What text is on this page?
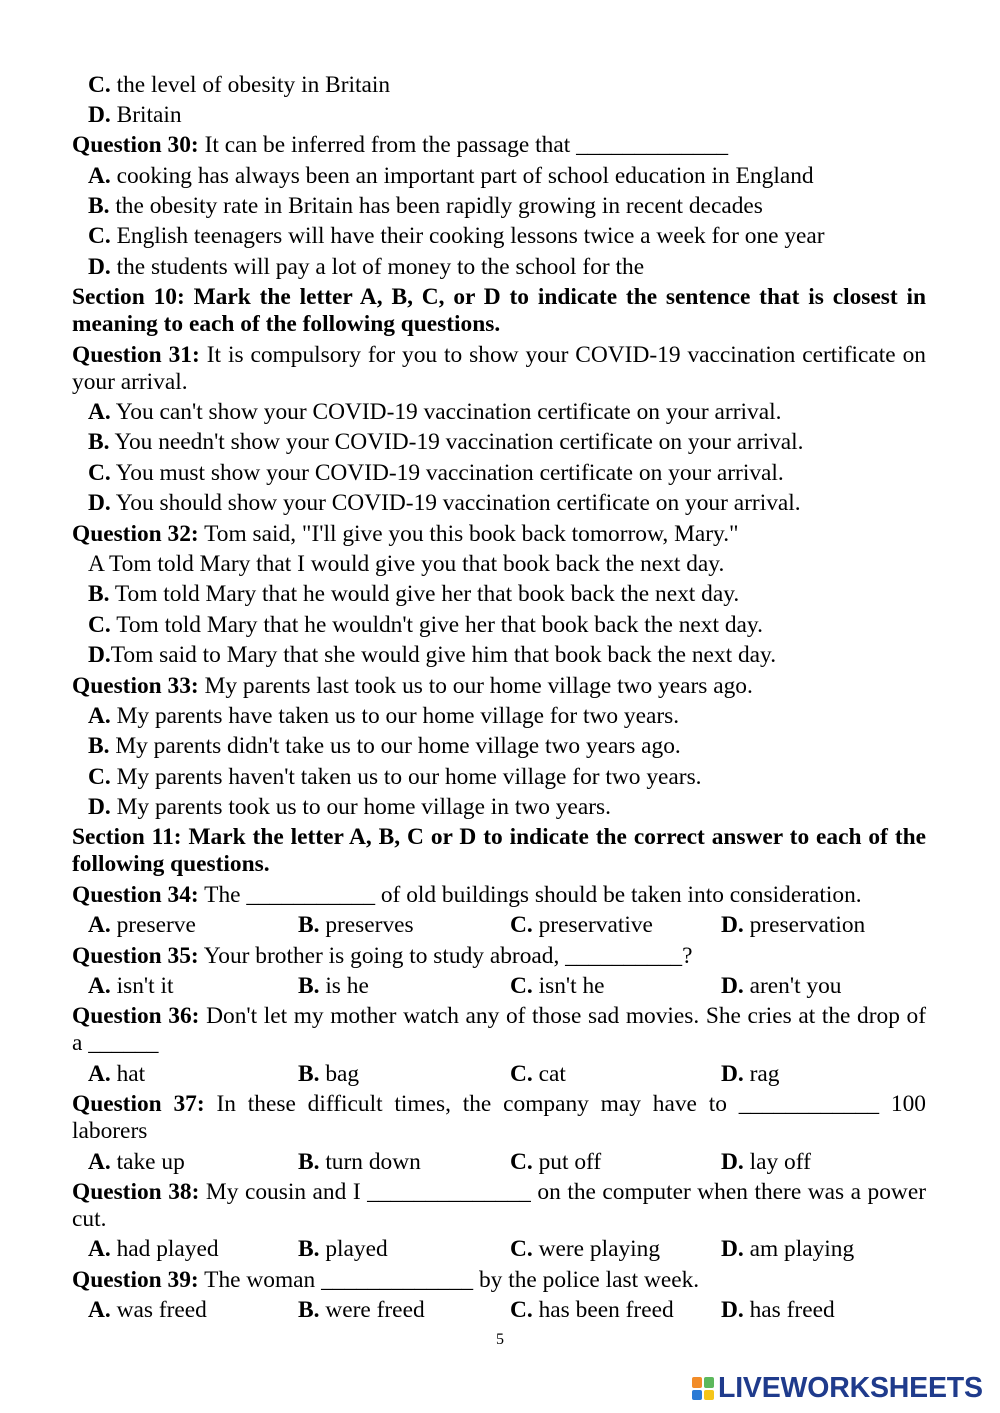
C. the level of obesity in Britain

D. Britain

Question 30: It can be inferred from the passage that _____________

A. cooking has always been an important part of school education in England

B. the obesity rate in Britain has been rapidly growing in recent decades

C. English teenagers will have their cooking lessons twice a week for one year

D. the students will pay a lot of money to the school for the

Section 10: Mark the letter A, B, C, or D to indicate the sentence that is closest in meaning to each of the following questions.

Question 31: It is compulsory for you to show your COVID-19 vaccination certificate on your arrival.

A. You can't show your COVID-19 vaccination certificate on your arrival.

B. You needn't show your COVID-19 vaccination certificate on your arrival.

C. You must show your COVID-19 vaccination certificate on your arrival.

D. You should show your COVID-19 vaccination certificate on your arrival.

Question 32: Tom said, "I'll give you this book back tomorrow, Mary."

A Tom told Mary that I would give you that book back the next day.

B. Tom told Mary that he would give her that book back the next day.

C. Tom told Mary that he wouldn't give her that book back the next day.

D.Tom said to Mary that she would give him that book back the next day.

Question 33: My parents last took us to our home village two years ago.

A. My parents have taken us to our home village for two years.

B. My parents didn't take us to our home village two years ago.

C. My parents haven't taken us to our home village for two years.

D. My parents took us to our home village in two years.

Section 11: Mark the letter A, B, C or D to indicate the correct answer to each of the following questions.

Question 34: The ___________ of old buildings should be taken into consideration.

A. preserve	B. preserves	C. preservative	D. preservation

Question 35: Your brother is going to study abroad, __________?

A. isn't it	B. is he	C. isn't he	D. aren't you

Question 36: Don't let my mother watch any of those sad movies. She cries at the drop of a ______

A. hat	B. bag	C. cat	D. rag

Question 37: In these difficult times, the company may have to ____________ 100 laborers

A. take up	B. turn down	C. put off	D. lay off

Question 38: My cousin and I ______________ on the computer when there was a power cut.

A. had played	B. played	C. were playing	D. am playing

Question 39: The woman _____________ by the police last week.

A. was freed	B. were freed	C. has been freed	D. has freed
5
LIVEWORKSHEETS
